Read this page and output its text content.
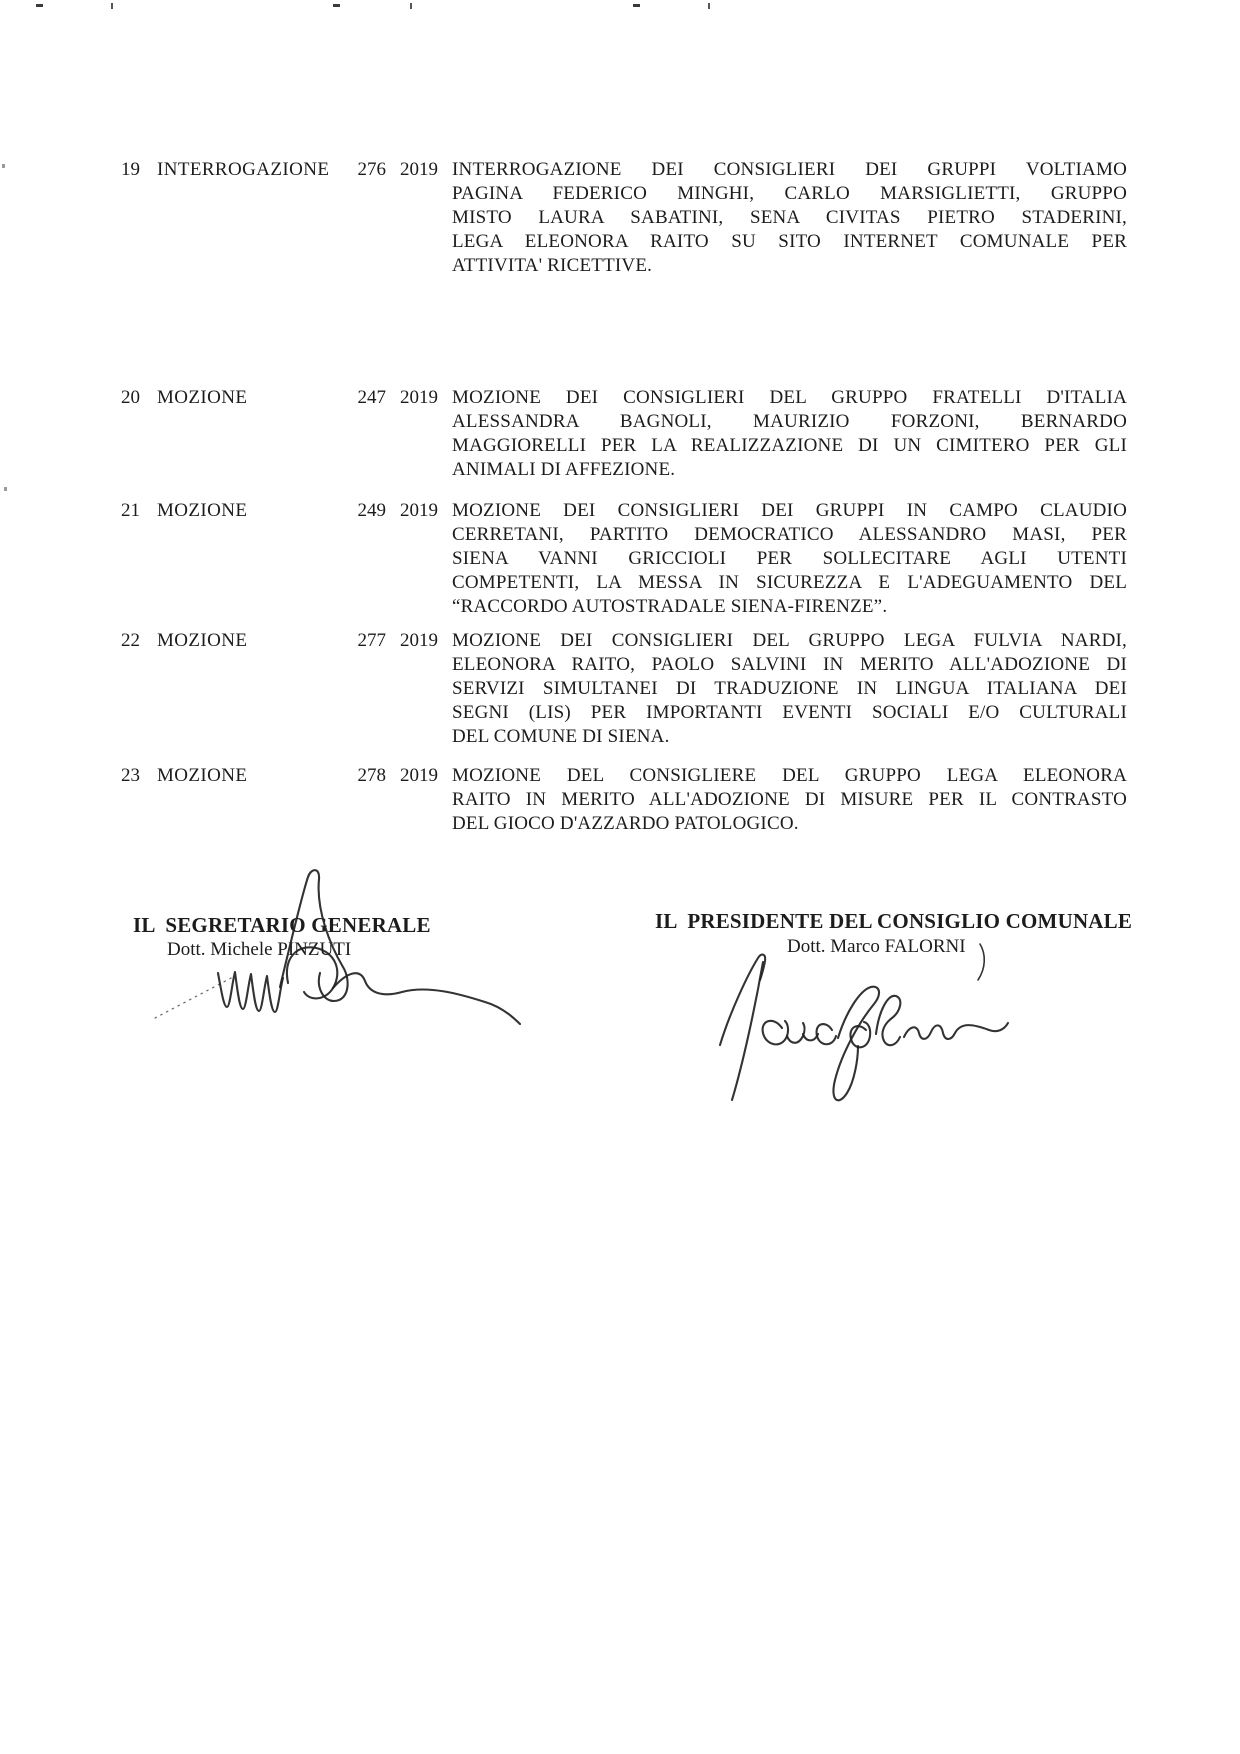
19 INTERROGAZIONE	276 2019 INTERROGAZIONE DEI CONSIGLIERI DEI GRUPPI VOLTIAMO
PAGINA FEDERICO MINGHI, CARLO MARSIGLIETTI, GRUPPO
MISTO LAURA SABATINI, SENA CIVITAS PIETRO STADERINI,
LEGA ELEONORA RAITO SU SITO INTERNET COMUNALE PER
ATTIVITA' RICETTIVE.
20 MOZIONE	247 2019 MOZIONE DEI CONSIGLIERI DEL GRUPPO FRATELLI D'ITALIA
ALESSANDRA BAGNOLI, MAURIZIO FORZONI, BERNARDO
MAGGIORELLI PER LA REALIZZAZIONE DI UN CIMITERO PER GLI
ANIMALI DI AFFEZIONE.
21 MOZIONE	249 2019 MOZIONE DEI CONSIGLIERI DEI GRUPPI IN CAMPO CLAUDIO
CERRETANI, PARTITO DEMOCRATICO ALESSANDRO MASI, PER
SIENA VANNI GRICCIOLI PER SOLLECITARE AGLI UTENTI
COMPETENTI, LA MESSA IN SICUREZZA E L'ADEGUAMENTO DEL
“RACCORDO AUTOSTRADALE SIENA-FIRENZE”.
22 MOZIONE	277 2019 MOZIONE DEI CONSIGLIERI DEL GRUPPO LEGA FULVIA NARDI,
ELEONORA RAITO, PAOLO SALVINI IN MERITO ALL'ADOZIONE DI
SERVIZI SIMULTANEI DI TRADUZIONE IN LINGUA ITALIANA DEI
SEGNI (LIS) PER IMPORTANTI EVENTI SOCIALI E/O CULTURALI
DEL COMUNE DI SIENA.
23 MOZIONE	278 2019 MOZIONE DEL CONSIGLIERE DEL GRUPPO LEGA ELEONORA
RAITO IN MERITO ALL'ADOZIONE DI MISURE PER IL CONTRASTO
DEL GIOCO D'AZZARDO PATOLOGICO.
IL  SEGRETARIO GENERALE
Dott. Michele PINZUTI
IL  PRESIDENTE DEL CONSIGLIO COMUNALE
Dott. Marco FALORNI
